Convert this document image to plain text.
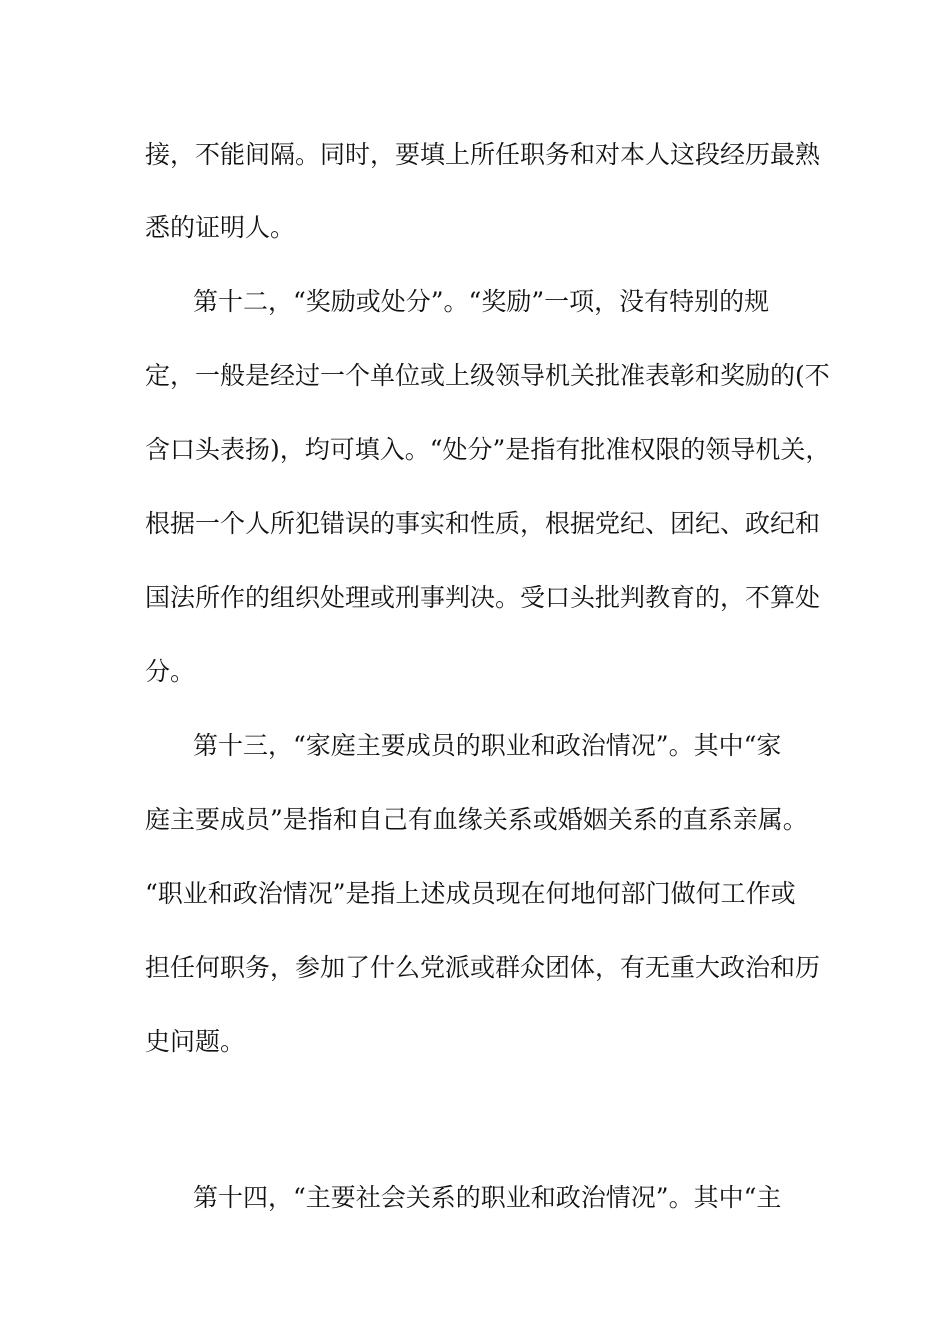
接，不能间隔。同时，要填上所任职务和对本人这段经历最熟
悉的证明人。
第十二，“奖励或处分”。“奖励”一项，没有特别的规
定，一般是经过一个单位或上级领导机关批准表彰和奖励的(不
含口头表扬)，均可填入。“处分”是指有批准权限的领导机关，
根据一个人所犯错误的事实和性质，根据党纪、团纪、政纪和
国法所作的组织处理或刑事判决。受口头批判教育的，不算处
分。
第十三，“家庭主要成员的职业和政治情况”。其中“家
庭主要成员”是指和自己有血缘关系或婚姻关系的直系亲属。
“职业和政治情况”是指上述成员现在何地何部门做何工作或
担任何职务，参加了什么党派或群众团体，有无重大政治和历
史问题。
第十四，“主要社会关系的职业和政治情况”。其中“主
